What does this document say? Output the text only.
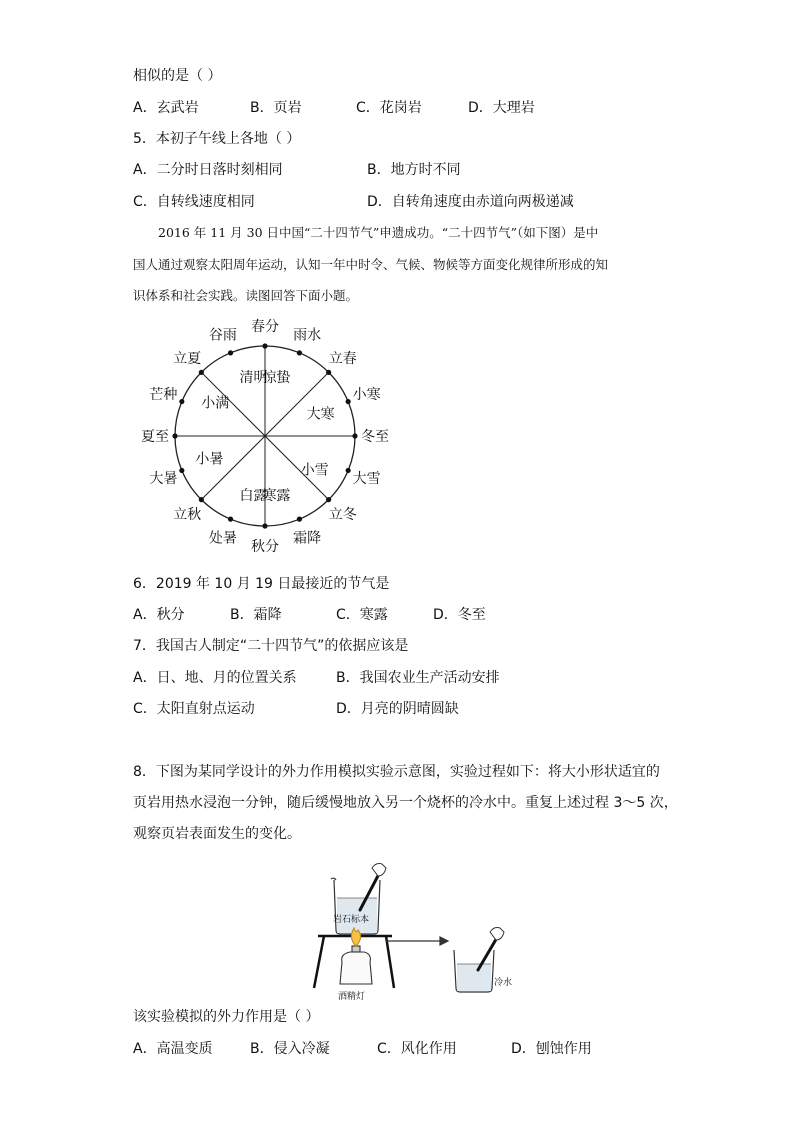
相似的是（ ）
A．玄武岩	B．页岩	C．花岗岩	D．大理岩
5．本初子午线上各地（ ）
A．二分时日落时刻相同	B．地方时不同
C．自转线速度相同	D．自转角速度由赤道向两极递减
2016 年 11 月 30 日中国“二十四节气”申遗成功。“二十四节气”（如下图）是中
国人通过观察太阳周年运动，认知一年中时令、气候、物候等方面变化规律所形成的知
识体系和社会实践。读图回答下面小题。
春分
雨水
立春
小寒
冬至
大雪
立冬
霜降
秋分
处暑
立秋
大暑
夏至
芒种
立夏
谷雨
清明
惊蛰
大寒
小雪
寒露
白露
小暑
小满
6．2019 年 10 月 19 日最接近的节气是
A．秋分	B．霜降	C．寒露	D．冬至
7．我国古人制定“二十四节气”的依据应该是
A．日、地、月的位置关系	B．我国农业生产活动安排
C．太阳直射点运动	D．月亮的阴晴圆缺
8．下图为某同学设计的外力作用模拟实验示意图，实验过程如下：将大小形状适宜的
页岩用热水浸泡一分钟，随后缓慢地放入另一个烧杯的冷水中。重复上述过程 3～5 次，
观察页岩表面发生的变化。
岩石标本
酒精灯
冷水
该实验模拟的外力作用是（ ）
A．高温变质	B．侵入冷凝	C．风化作用	D．刨蚀作用
